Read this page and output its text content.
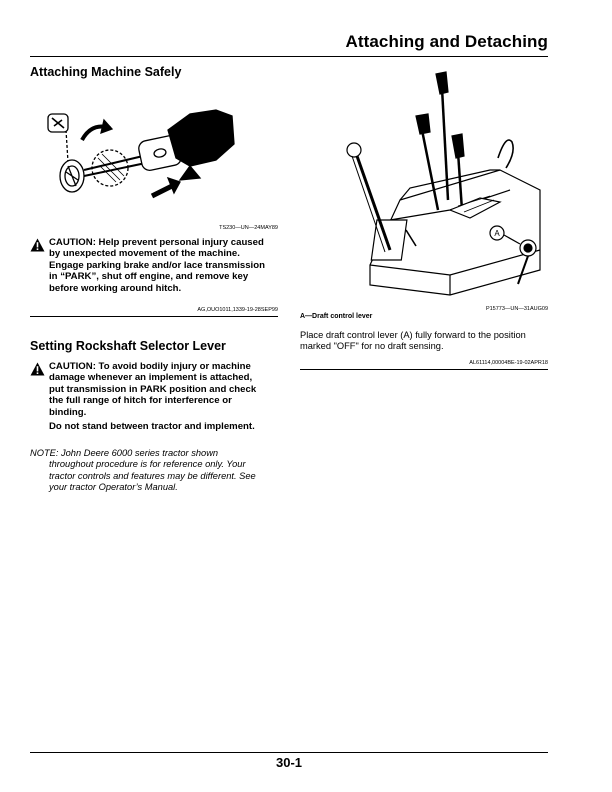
Attaching and Detaching
Attaching Machine Safely
TS230—UN—24MAY89
CAUTION: Help prevent personal injury caused
by unexpected movement of the machine.
Engage parking brake and/or lace transmission
in “PARK”, shut off engine, and remove key
before working around hitch.
AG,OUO1011,1339-19-28SEP99
Setting Rockshaft Selector Lever
CAUTION: To avoid bodily injury or machine
damage whenever an implement is attached,
put transmission in PARK position and check
the full range of hitch for interference or
binding.
Do not stand between tractor and implement.
NOTE: John Deere 6000 series tractor shown
throughout procedure is for reference only. Your
tractor controls and features may be different. See
your tractor Operator’s Manual.
A
P15773—UN—31AUG09
A—Draft control lever
Place draft control lever (A) fully forward to the position
marked "OFF" for no draft sensing.
AL61114,00004BE-19-02APR18
30-1
